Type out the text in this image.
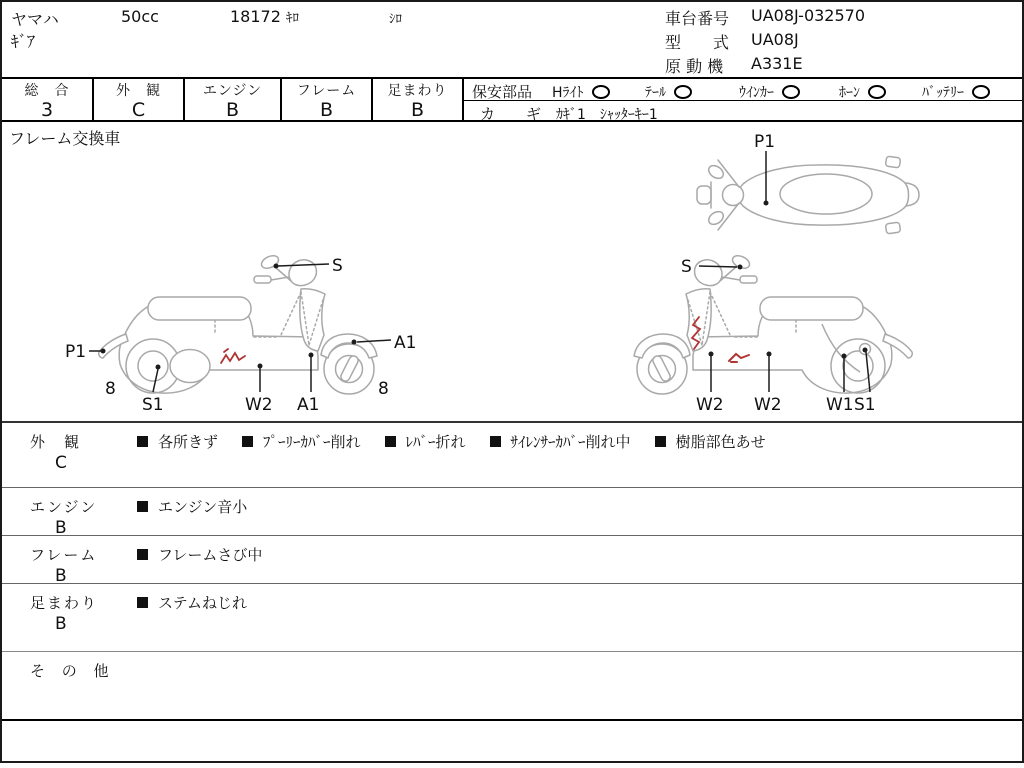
ヤマハ
ｷﾞｱ
50cc	18172 ｷﾛ	ｼﾛ	車台番号	UA08J-032570
型　　式	UA08J
原 動 機	A331E
総　合
3
外　観
C
エンジン
B
フレーム
B
足まわり
B
保安部品 Hﾗｲﾄ	ﾃｰﾙ	ｳｲﾝｶｰ	ﾎｰﾝ	ﾊﾞｯﾃﾘｰ
カ　ギ ｶｷﾞ1　ｼｬｯﾀｰｷｰ1
フレーム交換車
P1
S
8
S1	W2 A1
A1
8
S
W2 W2	W1 S1
P1
外　観
C
各所きず	ﾌﾟｰﾘｰｶﾊﾞｰ削れ	ﾚﾊﾞｰ折れ	ｻｲﾚﾝｻｰｶﾊﾞｰ削れ中	樹脂部色あせ
エンジン
B
エンジン音小
フレーム
B
フレームさび中
足まわり
B
ステムねじれ
そ の 他
